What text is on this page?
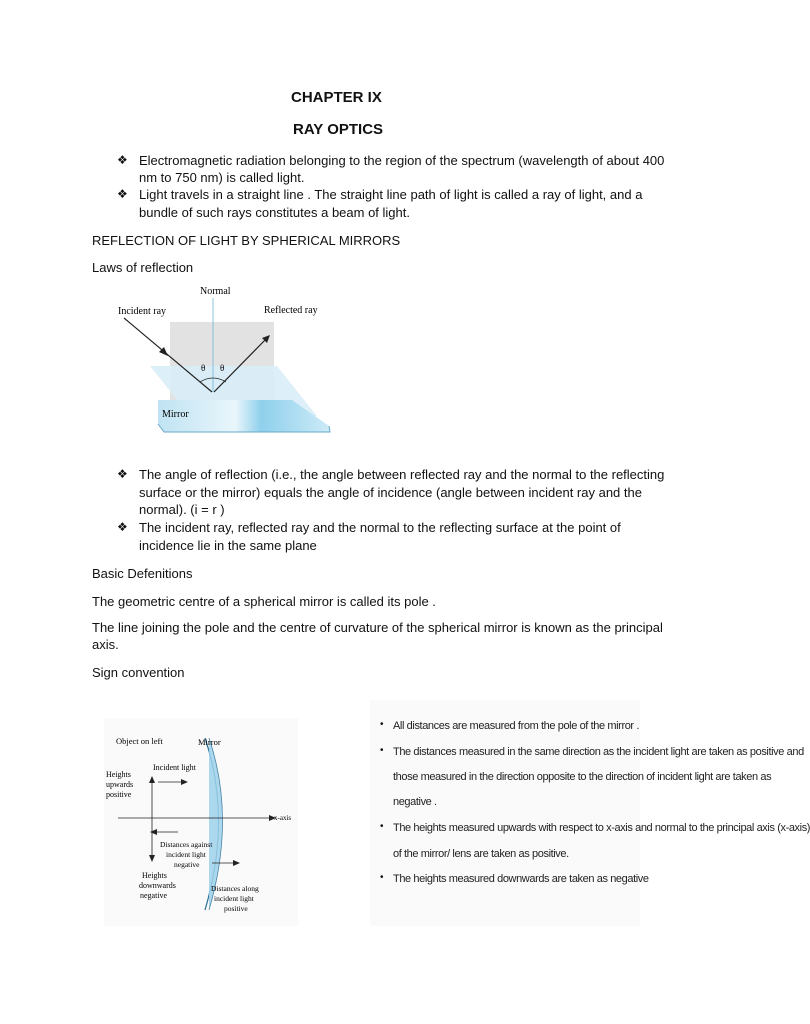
CHAPTER IX
RAY OPTICS
❖ Electromagnetic radiation belonging to the region of the spectrum (wavelength of about 400
nm to 750 nm) is called light.
❖ Light travels in a straight line . The straight line path of light is called a ray of light, and a
bundle of such rays constitutes a beam of light.
REFLECTION OF LIGHT BY SPHERICAL MIRRORS
Laws of reflection
Normal
Incident ray	Reflected ray
θ θ
Mirror
❖ The angle of reflection (i.e., the angle between reflected ray and the normal to the reflecting
surface or the mirror) equals the angle of incidence (angle between incident ray and the
normal). (i = r )
❖ The incident ray, reflected ray and the normal to the reflecting surface at the point of
incidence lie in the same plane
Basic Defenitions
The geometric centre of a spherical mirror is called its pole .
The line joining the pole and the centre of curvature of the spherical mirror is known as the principal
axis.
Sign convention
Object on left	Mirror
Incident light
Heights
upwards
positive
x-axis
Distances against
incident light
negative
Heights
downwards
negative
Distances along
incident light
positive
• All distances are measured from the pole of the mirror .
• The distances measured in the same direction as the incident light are taken as positive and
those measured in the direction opposite to the direction of incident light are taken as
negative .
• The heights measured upwards with respect to x-axis and normal to the principal axis (x-axis)
of the mirror/ lens are taken as positive.
• The heights measured downwards are taken as negative
